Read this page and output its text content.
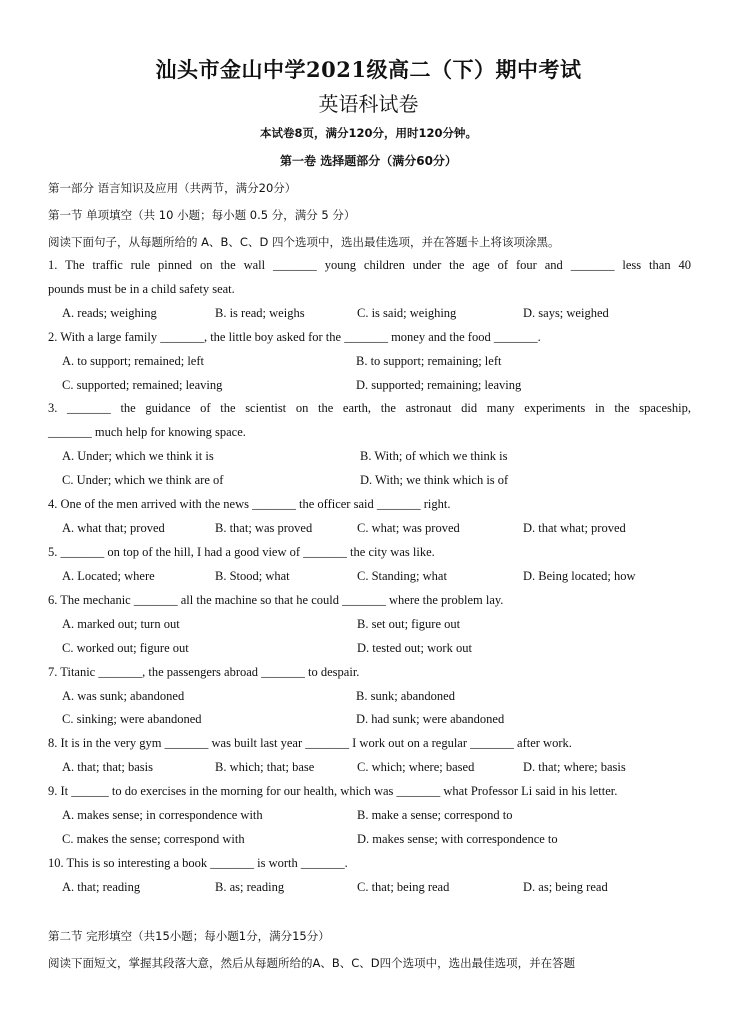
汕头市金山中学2021级高二（下）期中考试
英语科试卷
本试卷8页，满分120分，用时120分钟。
第一卷 选择题部分（满分60分）
第一部分 语言知识及应用（共两节，满分20分）
第一节 单项填空（共 10 小题；每小题 0.5 分，满分 5 分）
阅读下面句子，从每题所给的 A、B、C、D 四个选项中，选出最佳选项，并在答题卡上将该项涂黑。
1. The traffic rule pinned on the wall _______ young children under the age of four and _______ less than 40
pounds must be in a child safety seat.
A. reads; weighing	B. is read; weighs	C. is said; weighing	D. says; weighed
2. With a large family _______, the little boy asked for the _______ money and the food _______.
A. to support; remained; left	B. to support; remaining; left
C. supported; remained; leaving	D. supported; remaining; leaving
3. _______ the guidance of the scientist on the earth, the astronaut did many experiments in the spaceship,
_______ much help for knowing space.
A. Under; which we think it is	B. With; of which we think is
C. Under; which we think are of	D. With; we think which is of
4. One of the men arrived with the news _______ the officer said _______ right.
A. what that; proved	B. that; was proved	C. what; was proved	D. that what; proved
5. _______ on top of the hill, I had a good view of _______ the city was like.
A. Located; where	B. Stood; what	C. Standing; what	D. Being located; how
6. The mechanic _______ all the machine so that he could _______ where the problem lay.
A. marked out; turn out	B. set out; figure out
C. worked out; figure out	D. tested out; work out
7. Titanic _______, the passengers abroad _______ to despair.
A. was sunk; abandoned	B. sunk; abandoned
C. sinking; were abandoned	D. had sunk; were abandoned
8. It is in the very gym _______ was built last year _______ I work out on a regular _______ after work.
A. that; that; basis	B. which; that; base	C. which; where; based	D. that; where; basis
9. It ______ to do exercises in the morning for our health, which was _______ what Professor Li said in his letter.
A. makes sense; in correspondence with	B. make a sense; correspond to
C. makes the sense; correspond with	D. makes sense; with correspondence to
10. This is so interesting a book _______ is worth _______.
A. that; reading	B. as; reading	C. that; being read	D. as; being read
第二节 完形填空（共15小题；每小题1分，满分15分）
阅读下面短文，掌握其段落大意，然后从每题所给的A、B、C、D四个选项中，选出最佳选项，并在答题
